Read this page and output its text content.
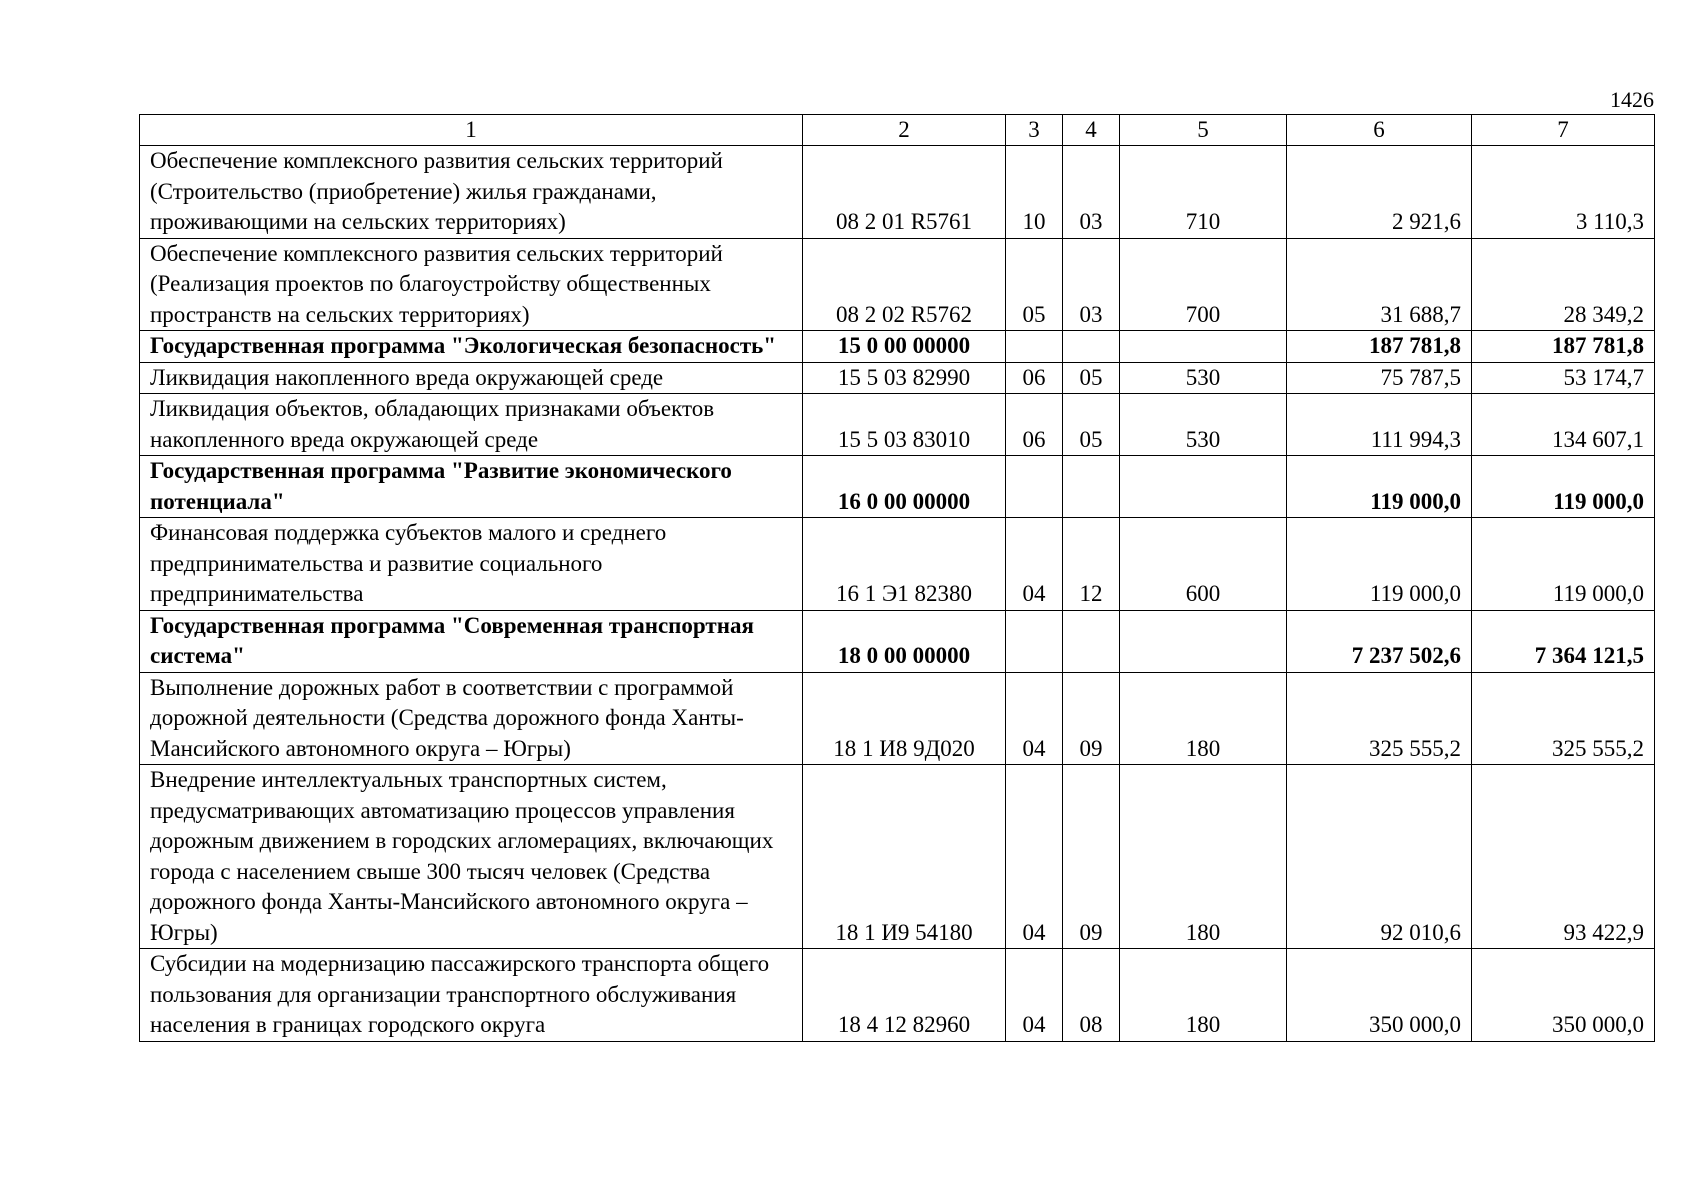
1426
1	2	3	4	5	6	7
Обеспечение комплексного развития сельских территорий (Строительство (приобретение) жилья гражданами, проживающими на сельских территориях)	08 2 01 R5761	10	03	710	2 921,6	3 110,3
Обеспечение комплексного развития сельских территорий (Реализация проектов по благоустройству общественных пространств на сельских территориях)	08 2 02 R5762	05	03	700	31 688,7	28 349,2
Государственная программа "Экологическая безопасность"	15 0 00 00000				187 781,8	187 781,8
Ликвидация накопленного вреда окружающей среде	15 5 03 82990	06	05	530	75 787,5	53 174,7
Ликвидация объектов, обладающих признаками объектов накопленного вреда окружающей среде	15 5 03 83010	06	05	530	111 994,3	134 607,1
Государственная программа "Развитие экономического потенциала"	16 0 00 00000				119 000,0	119 000,0
Финансовая поддержка субъектов малого и среднего предпринимательства и развитие социального предпринимательства	16 1 Э1 82380	04	12	600	119 000,0	119 000,0
Государственная программа "Современная транспортная система"	18 0 00 00000				7 237 502,6	7 364 121,5
Выполнение дорожных работ в соответствии с программой дорожной деятельности (Средства дорожного фонда Ханты-Мансийского автономного округа – Югры)	18 1 И8 9Д020	04	09	180	325 555,2	325 555,2
Внедрение интеллектуальных транспортных систем, предусматривающих автоматизацию процессов управления дорожным движением в городских агломерациях, включающих города с населением свыше 300 тысяч человек (Средства дорожного фонда Ханты-Мансийского автономного округа – Югры)	18 1 И9 54180	04	09	180	92 010,6	93 422,9
Субсидии на модернизацию пассажирского транспорта общего пользования для организации транспортного обслуживания населения в границах городского округа	18 4 12 82960	04	08	180	350 000,0	350 000,0
